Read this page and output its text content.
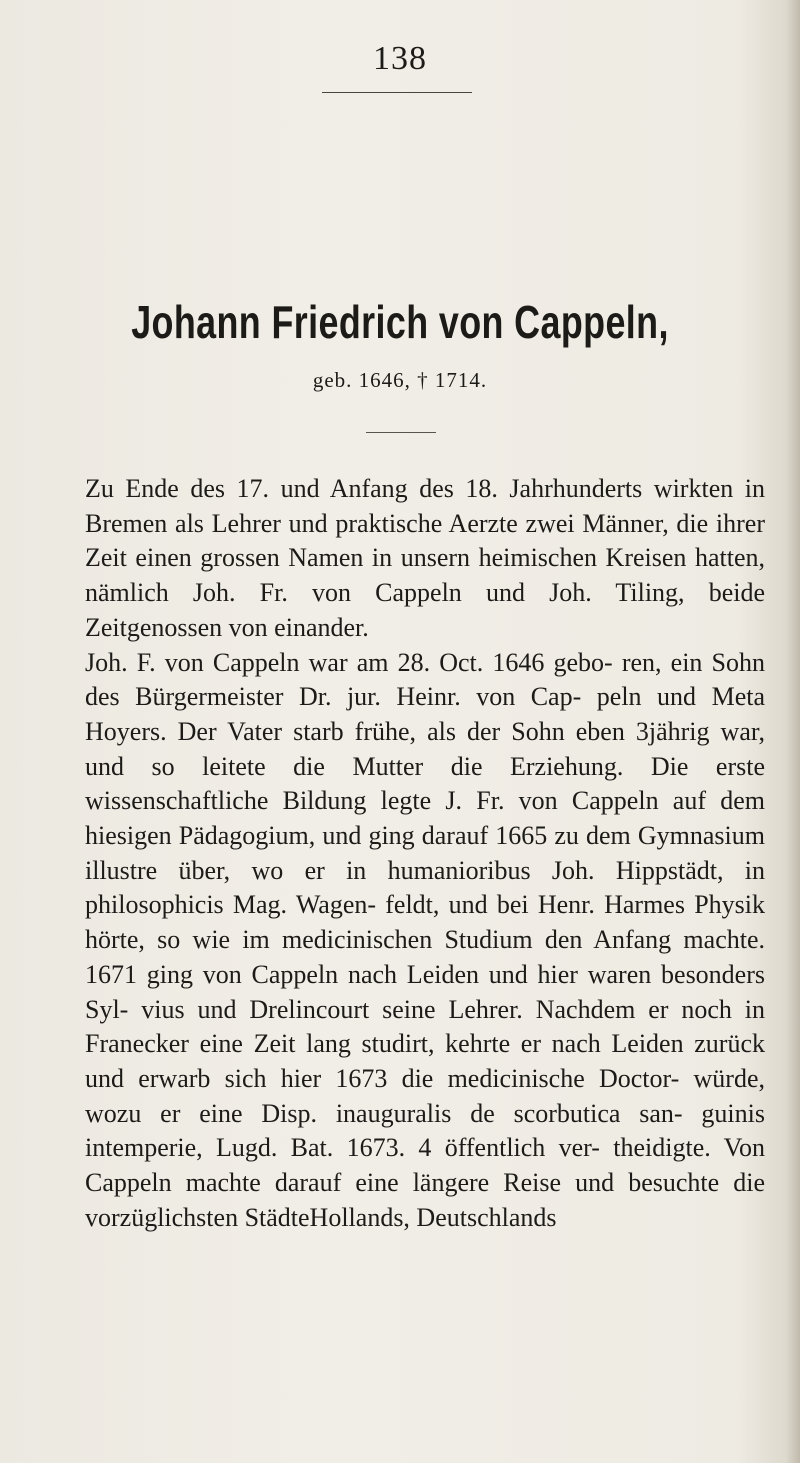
138
Johann Friedrich von Cappeln,
geb. 1646, † 1714.

Zu Ende des 17. und Anfang des 18. Jahrhunderts wirkten in Bremen als Lehrer und praktische Aerzte zwei Männer, die ihrer Zeit einen grossen Namen in unsern heimischen Kreisen hatten, nämlich Joh. Fr. von Cappeln und Joh. Tiling, beide Zeitgenossen von einander.

Joh. F. von Cappeln war am 28. Oct. 1646 gebo- ren, ein Sohn des Bürgermeister Dr. jur. Heinr. von Cap- peln und Meta Hoyers. Der Vater starb frühe, als der Sohn eben 3jährig war, und so leitete die Mutter die Erziehung. Die erste wissenschaftliche Bildung legte J. Fr. von Cappeln auf dem hiesigen Pädagogium, und ging darauf 1665 zu dem Gymnasium illustre über, wo er in humanioribus Joh. Hippstädt, in philosophicis Mag. Wagen- feldt, und bei Henr. Harmes Physik hörte, so wie im medicinischen Studium den Anfang machte. 1671 ging von Cappeln nach Leiden und hier waren besonders Syl- vius und Drelincourt seine Lehrer. Nachdem er noch in Franecker eine Zeit lang studirt, kehrte er nach Leiden zurück und erwarb sich hier 1673 die medicinische Doctor- würde, wozu er eine Disp. inauguralis de scorbutica san- guinis intemperie, Lugd. Bat. 1673. 4 öffentlich ver- theidigte. Von Cappeln machte darauf eine längere Reise und besuchte die vorzüglichsten StädteHollands, Deutschlands
